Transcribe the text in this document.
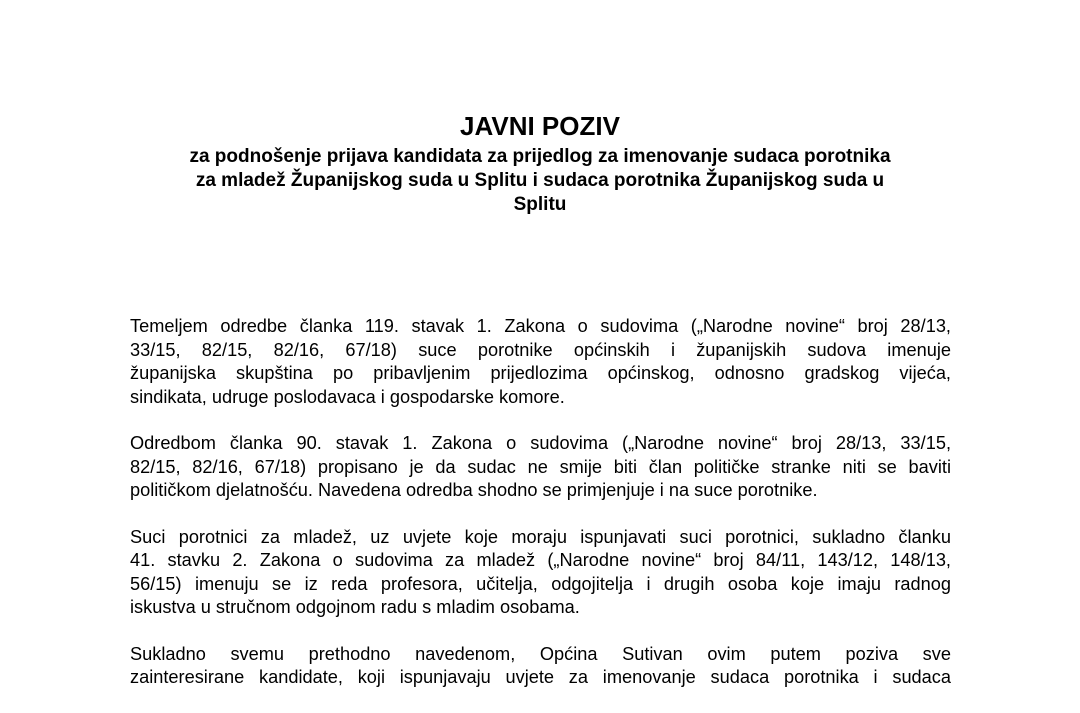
JAVNI POZIV
za podnošenje prijava kandidata za prijedlog za imenovanje sudaca porotnika
za mladež Županijskog suda u Splitu i sudaca porotnika Županijskog suda u
Splitu

Temeljem odredbe članka 119. stavak 1. Zakona o sudovima („Narodne novine“ broj 28/13,
33/15, 82/15, 82/16, 67/18) suce porotnike općinskih i županijskih sudova imenuje
županijska skupština po pribavljenim prijedlozima općinskog, odnosno gradskog vijeća,
sindikata, udruge poslodavaca i gospodarske komore.

Odredbom članka 90. stavak 1. Zakona o sudovima („Narodne novine“ broj 28/13, 33/15,
82/15, 82/16, 67/18) propisano je da sudac ne smije biti član političke stranke niti se baviti
političkom djelatnošću. Navedena odredba shodno se primjenjuje i na suce porotnike.

Suci porotnici za mladež, uz uvjete koje moraju ispunjavati suci porotnici, sukladno članku
41. stavku 2. Zakona o sudovima za mladež („Narodne novine“ broj 84/11, 143/12, 148/13,
56/15) imenuju se iz reda profesora, učitelja, odgojitelja i drugih osoba koje imaju radnog
iskustva u stručnom odgojnom radu s mladim osobama.

Sukladno svemu prethodno navedenom, Općina Sutivan ovim putem poziva sve
zainteresirane kandidate, koji ispunjavaju uvjete za imenovanje sudaca porotnika i sudaca
